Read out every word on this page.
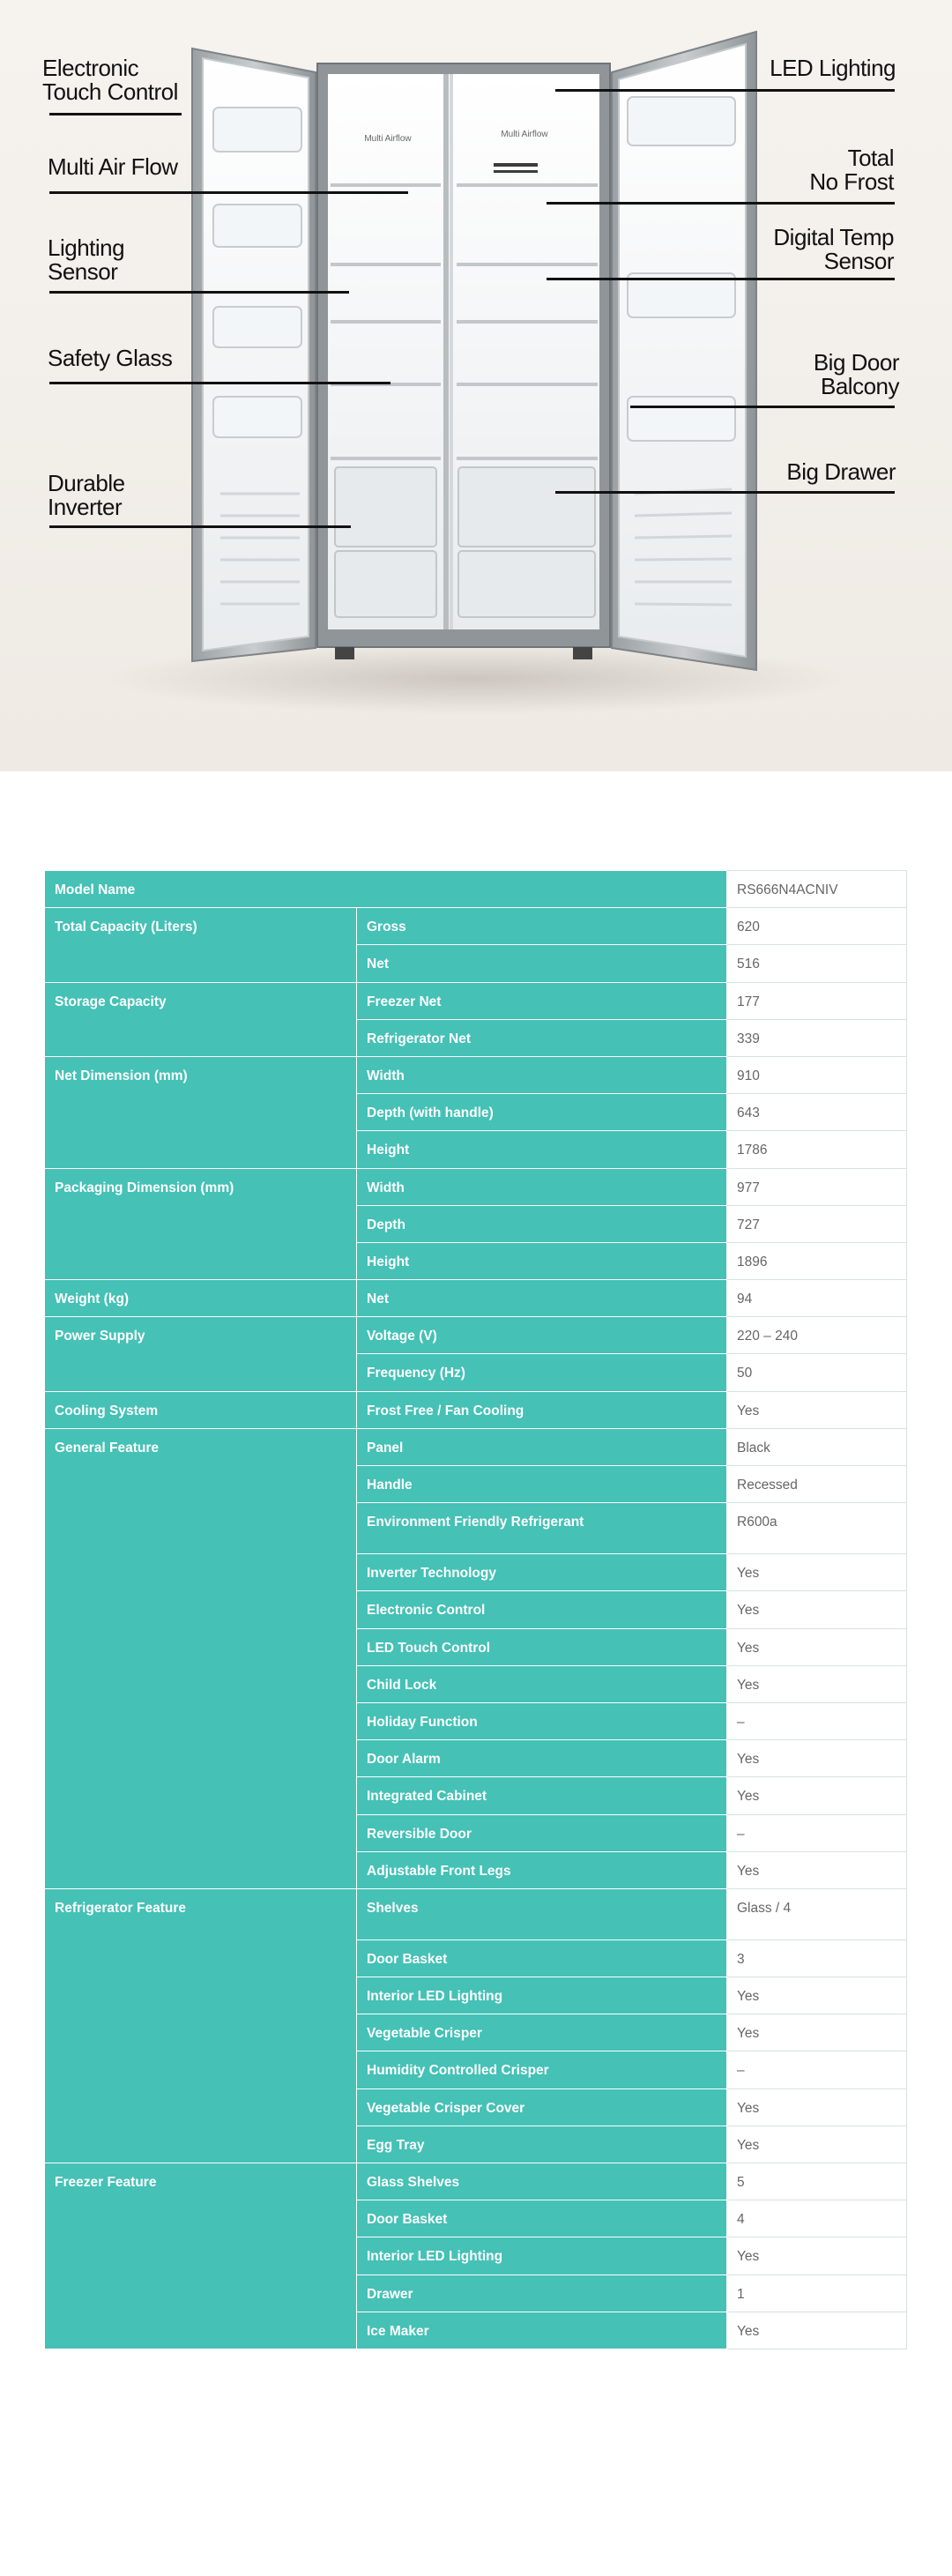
Multi Airflow	Multi Airflow
Electronic
Touch Control
Multi Air Flow
Lighting
Sensor
Safety Glass
Durable
Inverter
LED Lighting
Total
No Frost
Digital Temp
Sensor
Big Door
Balcony
Big Drawer
Model Name		RS666N4ACNIV
Total Capacity (Liters)	Gross	620
	Net	516
Storage Capacity	Freezer Net	177
	Refrigerator Net	339
Net Dimension (mm)	Width	910
	Depth (with handle)	643
	Height	1786
Packaging Dimension (mm)	Width	977
	Depth	727
	Height	1896
Weight (kg)	Net	94
Power Supply	Voltage (V)	220 – 240
	Frequency (Hz)	50
Cooling System	Frost Free / Fan Cooling	Yes
General Feature	Panel	Black
	Handle	Recessed
	Environment Friendly Refrigerant	R600a
	Inverter Technology	Yes
	Electronic Control	Yes
	LED Touch Control	Yes
	Child Lock	Yes
	Holiday Function	–
	Door Alarm	Yes
	Integrated Cabinet	Yes
	Reversible Door	–
	Adjustable Front Legs	Yes
Refrigerator Feature	Shelves	Glass / 4
	Door Basket	3
	Interior LED Lighting	Yes
	Vegetable Crisper	Yes
	Humidity Controlled Crisper	–
	Vegetable Crisper Cover	Yes
	Egg Tray	Yes
Freezer Feature	Glass Shelves	5
	Door Basket	4
	Interior LED Lighting	Yes
	Drawer	1
	Ice Maker	Yes
